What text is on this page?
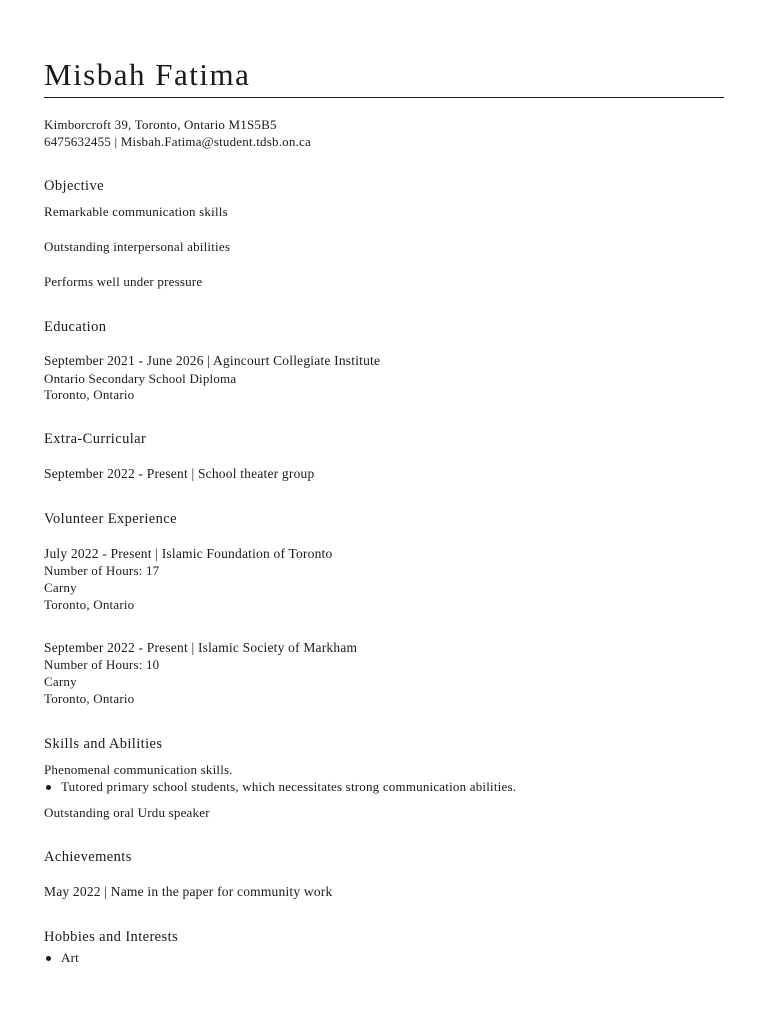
Misbah Fatima
Kimborcroft 39, Toronto, Ontario M1S5B5
6475632455 | Misbah.Fatima@student.tdsb.on.ca
Objective
Remarkable communication skills
Outstanding interpersonal abilities
Performs well under pressure
Education
September 2021 - June 2026 | Agincourt Collegiate Institute
Ontario Secondary School Diploma
Toronto, Ontario
Extra-Curricular
September 2022 - Present | School theater group
Volunteer Experience
July 2022 - Present | Islamic Foundation of Toronto
Number of Hours: 17
Carny
Toronto, Ontario
September 2022 - Present | Islamic Society of Markham
Number of Hours: 10
Carny
Toronto, Ontario
Skills and Abilities
Phenomenal communication skills.
Tutored primary school students, which necessitates strong communication abilities.
Outstanding oral Urdu speaker
Achievements
May 2022 | Name in the paper for community work
Hobbies and Interests
Art
